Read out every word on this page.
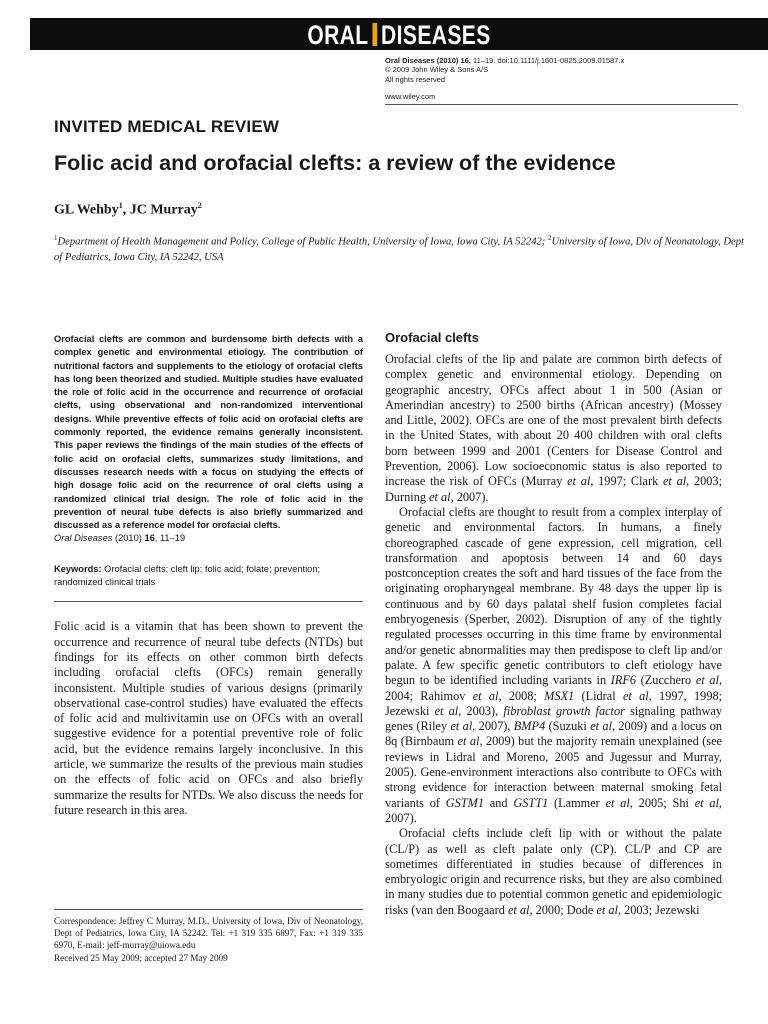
ORAL DISEASES
Oral Diseases (2010) 16, 11–19. doi:10.1111/j.1601-0825.2009.01587.x
© 2009 John Wiley & Sons A/S
All rights reserved
www.wiley.com
INVITED MEDICAL REVIEW
Folic acid and orofacial clefts: a review of the evidence
GL Wehby$^1$, JC Murray$^2$
$^1$Department of Health Management and Policy, College of Public Health, University of Iowa, Iowa City, IA 52242; $^2$University of Iowa, Div of Neonatology, Dept of Pediatrics, Iowa City, IA 52242, USA

Orofacial clefts are common and burdensome birth defects with a complex genetic and environmental etiology. The contribution of nutritional factors and supplements to the etiology of orofacial clefts has long been theorized and studied. Multiple studies have evaluated the role of folic acid in the occurrence and recurrence of orofacial clefts, using observational and non-randomized interventional designs. While preventive effects of folic acid on orofacial clefts are commonly reported, the evidence remains generally inconsistent. This paper reviews the findings of the main studies of the effects of folic acid on orofacial clefts, summarizes study limitations, and discusses research needs with a focus on studying the effects of high dosage folic acid on the recurrence of oral clefts using a randomized clinical trial design. The role of folic acid in the prevention of neural tube defects is also briefly summarized and discussed as a reference model for orofacial clefts.

Oral Diseases (2010) 16, 11–19

Keywords: Orofacial clefts; cleft lip; folic acid; folate; prevention; randomized clinical trials

Folic acid is a vitamin that has been shown to prevent the occurrence and recurrence of neural tube defects (NTDs) but findings for its effects on other common birth defects including orofacial clefts (OFCs) remain generally inconsistent. Multiple studies of various designs (primarily observational case-control studies) have evaluated the effects of folic acid and multivitamin use on OFCs with an overall suggestive evidence for a potential preventive role of folic acid, but the evidence remains largely inconclusive. In this article, we summarize the results of the previous main studies on the effects of folic acid on OFCs and also briefly summarize the results for NTDs. We also discuss the needs for future research in this area.

Correspondence: Jeffrey C Murray, M.D., University of Iowa, Div of Neonatology, Dept of Pediatrics, Iowa City, IA 52242. Tel: +1 319 335 6897, Fax: +1 319 335 6970, E-mail: jeff-murray@uiowa.edu
Received 25 May 2009; accepted 27 May 2009
Orofacial clefts

Orofacial clefts of the lip and palate are common birth defects of complex genetic and environmental etiology. Depending on geographic ancestry, OFCs affect about 1 in 500 (Asian or Amerindian ancestry) to 2500 births (African ancestry) (Mossey and Little, 2002). OFCs are one of the most prevalent birth defects in the United States, with about 20 400 children with oral clefts born between 1999 and 2001 (Centers for Disease Control and Prevention, 2006). Low socioeconomic status is also reported to increase the risk of OFCs (Murray et al, 1997; Clark et al, 2003; Durning et al, 2007).

Orofacial clefts are thought to result from a complex interplay of genetic and environmental factors. In humans, a finely choreographed cascade of gene expression, cell migration, cell transformation and apoptosis between 14 and 60 days postconception creates the soft and hard tissues of the face from the originating oropharyngeal membrane. By 48 days the upper lip is continuous and by 60 days palatal shelf fusion completes facial embryogenesis (Sperber, 2002). Disruption of any of the tightly regulated processes occurring in this time frame by environmental and/or genetic abnormalities may then predispose to cleft lip and/or palate. A few specific genetic contributors to cleft etiology have begun to be identified including variants in IRF6 (Zucchero et al, 2004; Rahimov et al, 2008; MSX1 (Lidral et al, 1997, 1998; Jezewski et al, 2003), fibroblast growth factor signaling pathway genes (Riley et al, 2007), BMP4 (Suzuki et al, 2009) and a locus on 8q (Birnbaum et al, 2009) but the majority remain unexplained (see reviews in Lidral and Moreno, 2005 and Jugessur and Murray, 2005). Gene-environment interactions also contribute to OFCs with strong evidence for interaction between maternal smoking fetal variants of GSTM1 and GSTT1 (Lammer et al, 2005; Shi et al, 2007).

Orofacial clefts include cleft lip with or without the palate (CL/P) as well as cleft palate only (CP). CL/P and CP are sometimes differentiated in studies because of differences in embryologic origin and recurrence risks, but they are also combined in many studies due to potential common genetic and epidemiologic risks (van den Boogaard et al, 2000; Dode et al, 2003; Jezewski
